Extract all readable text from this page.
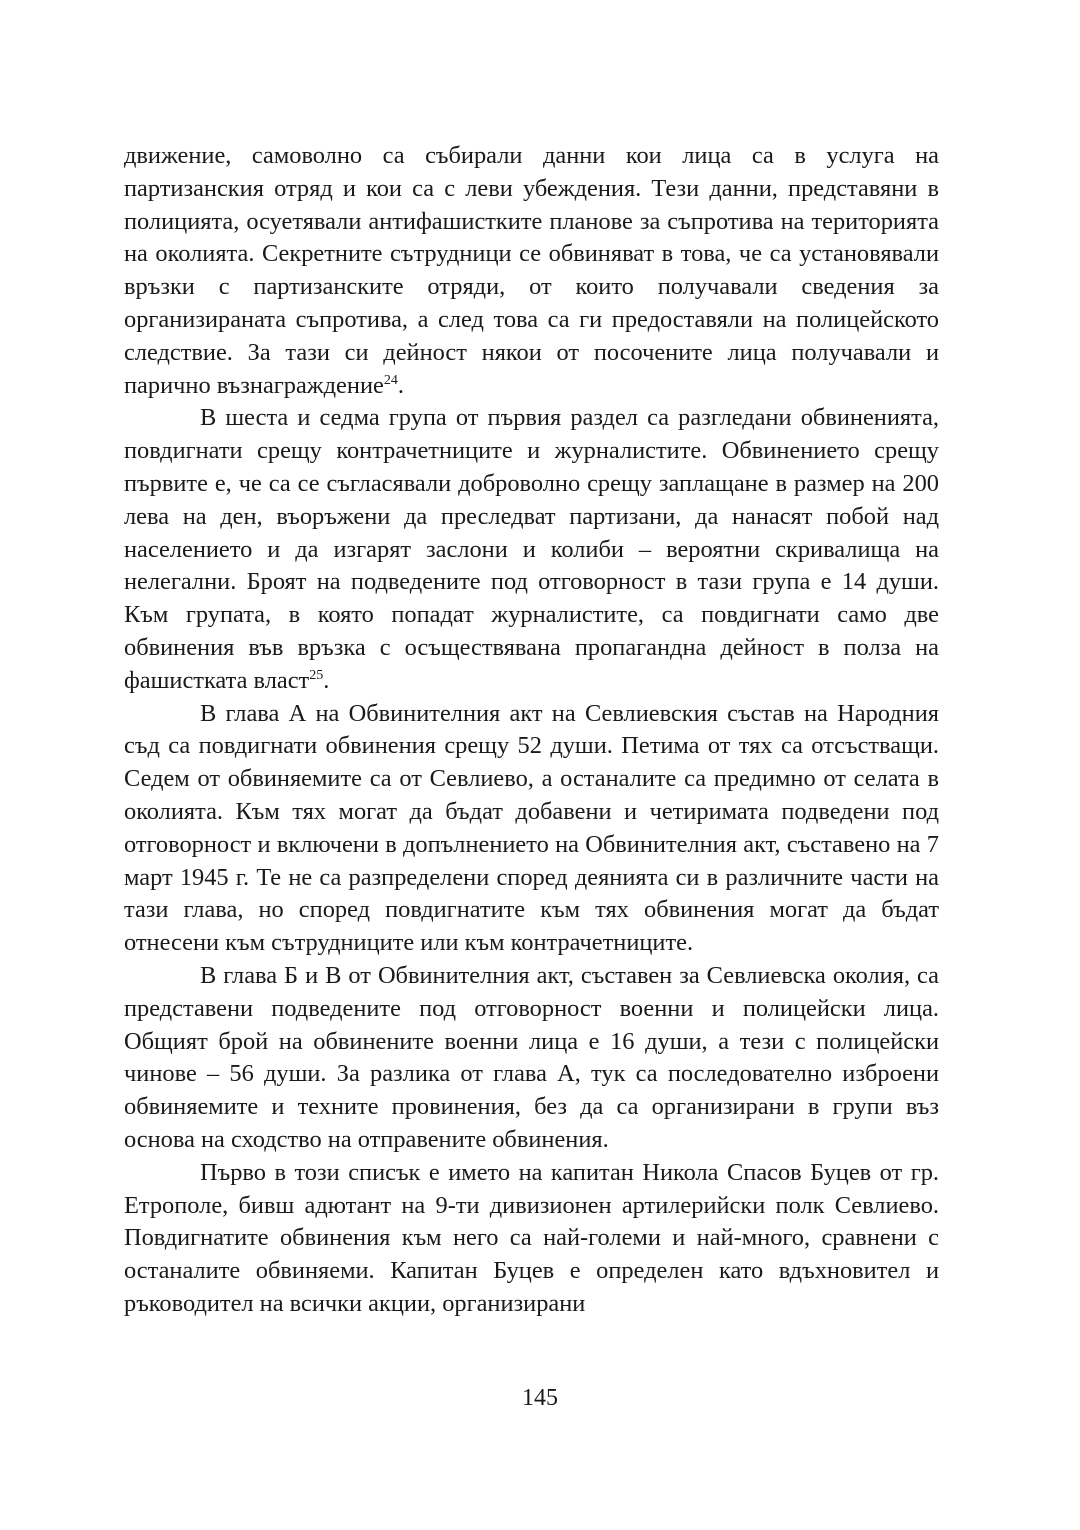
движение, самоволно са събирали данни кои лица са в услуга на партизанския отряд и кои са с леви убеждения. Тези данни, представяни в полицията, осуетявали антифашистките планове за съпротива на територията на околията. Секретните сътрудници се обвиняват в това, че са установявали връзки с партизанските отряди, от които получавали сведения за организираната съпротива, а след това са ги предоставяли на полицейското следствие. За тази си дейност някои от посочените лица получавали и парично възнаграждение$^{24}$.

В шеста и седма група от първия раздел са разгледани обвиненията, повдигнати срещу контрачетниците и журналистите. Обвинението срещу първите е, че са се съгласявали доброволно срещу заплащане в размер на 200 лева на ден, въоръжени да преследват партизани, да нанасят побой над населението и да изгарят заслони и колиби – вероятни скривалища на нелегални. Броят на подведените под отговорност в тази група е 14 души. Към групата, в която попадат журналистите, са повдигнати само две обвинения във връзка с осъществявана пропагандна дейност в полза на фашистката власт$^{25}$.

В глава А на Обвинителния акт на Севлиевския състав на Народния съд са повдигнати обвинения срещу 52 души. Петима от тях са отсъстващи. Седем от обвиняемите са от Севлиево, а останалите са предимно от селата в околията. Към тях могат да бъдат добавени и четиримата подведени под отговорност и включени в допълнението на Обвинителния акт, съставено на 7 март 1945 г. Те не са разпределени според деянията си в различните части на тази глава, но според повдигнатите към тях обвинения могат да бъдат отнесени към сътрудниците или към контрачетниците.

В глава Б и В от Обвинителния акт, съставен за Севлиевска околия, са представени подведените под отговорност военни и полицейски лица. Общият брой на обвинените военни лица е 16 души, а тези с полицейски чинове – 56 души. За разлика от глава А, тук са последователно изброени обвиняемите и техните провинения, без да са организирани в групи въз основа на сходство на отправените обвинения.

Първо в този списък е името на капитан Никола Спасов Буцев от гр. Етрополе, бивш адютант на 9-ти дивизионен артилерийски полк Севлиево. Повдигнатите обвинения към него са най-големи и най-много, сравнени с останалите обвиняеми. Капитан Буцев е определен като вдъхновител и ръководител на всички акции, организирани

145
